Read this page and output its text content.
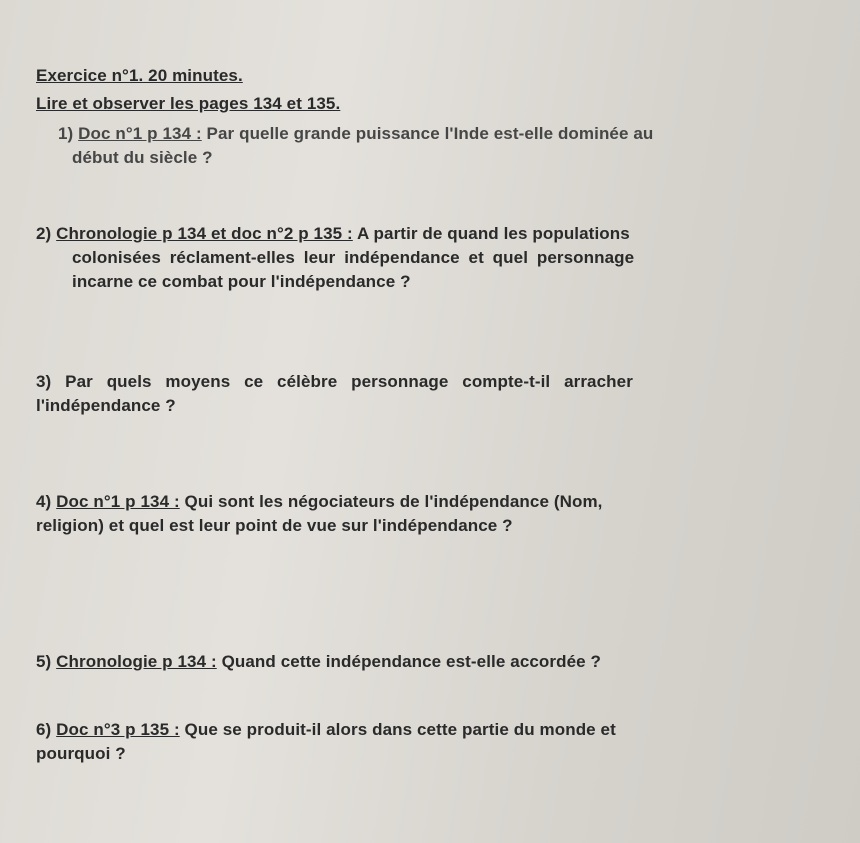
Exercice n°1. 20 minutes.
Lire et observer les pages 134 et 135.
1) Doc n°1 p 134 : Par quelle grande puissance l'Inde est-elle dominée au
début du siècle ?
2) Chronologie p 134 et doc n°2 p 135 : A partir de quand les populations
colonisées réclament-elles leur indépendance et quel personnage
incarne ce combat pour l'indépendance ?
3) Par quels moyens ce célèbre personnage compte-t-il arracher
l'indépendance ?
4) Doc n°1 p 134 : Qui sont les négociateurs de l'indépendance (Nom,
religion) et quel est leur point de vue sur l'indépendance ?
5) Chronologie p 134 : Quand cette indépendance est-elle accordée ?
6) Doc n°3 p 135 : Que se produit-il alors dans cette partie du monde et
pourquoi ?
